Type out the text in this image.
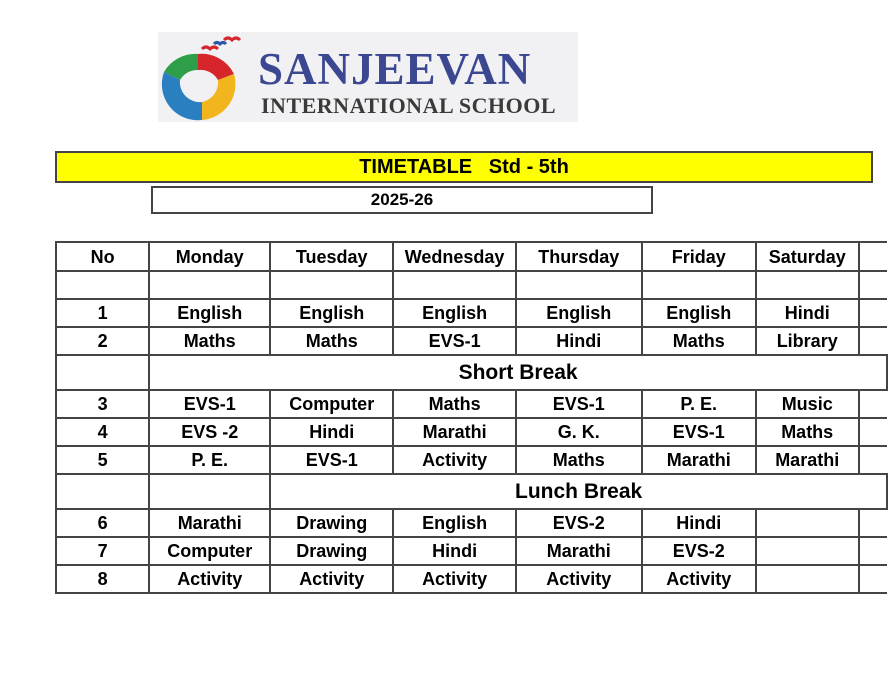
SANJEEVAN
INTERNATIONAL SCHOOL
TIMETABLE   Std - 5th
2025-26
No	Monday	Tuesday	Wednesday	Thursday	Friday	Saturday	

1	English	English	English	English	English	Hindi	
2	Maths	Maths	EVS-1	Hindi	Maths	Library	
	Short Break						
3	EVS-1	Computer	Maths	EVS-1	P. E.	Music	
4	EVS -2	Hindi	Marathi	G. K.	EVS-1	Maths	
5	P. E.	EVS-1	Activity	Maths	Marathi	Marathi	
		Lunch Break					
6	Marathi	Drawing	English	EVS-2	Hindi		
7	Computer	Drawing	Hindi	Marathi	EVS-2		
8	Activity	Activity	Activity	Activity	Activity		
